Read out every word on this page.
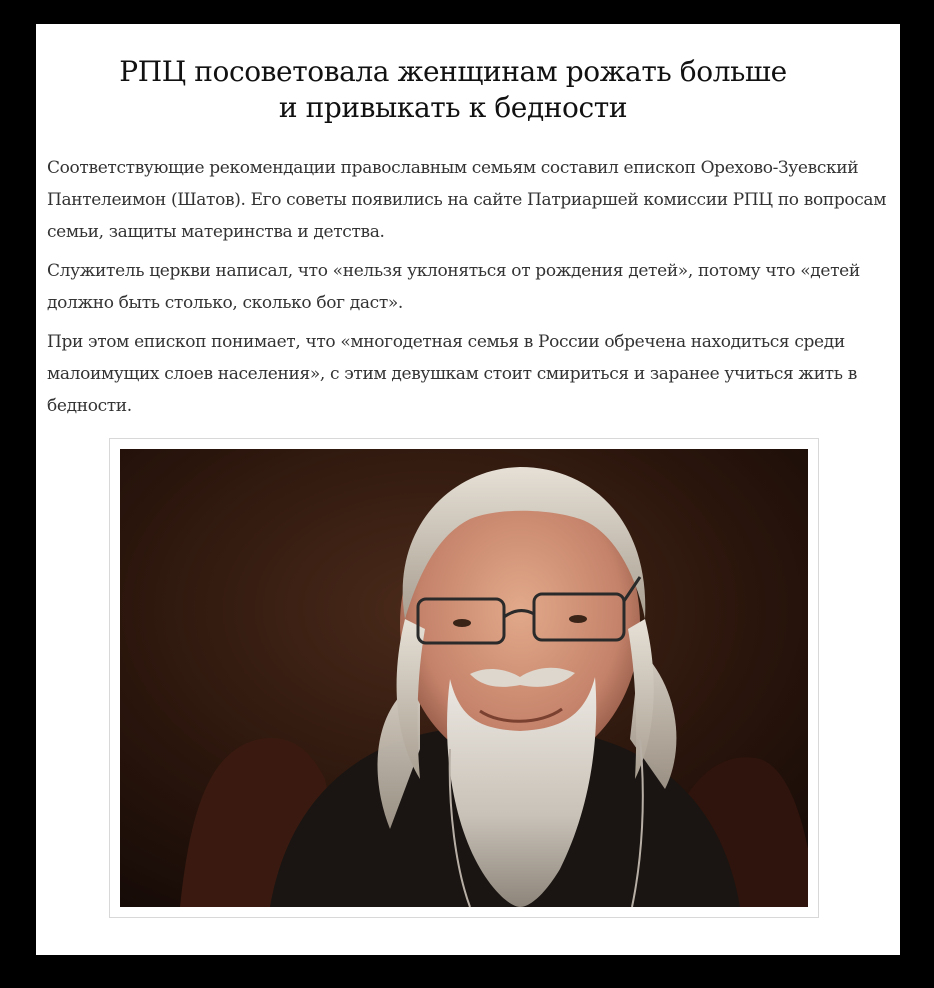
РПЦ посоветовала женщинам рожать больше
и привыкать к бедности

Соответствующие рекомендации православным семьям составил епископ Орехово-Зуевский Пантелеимон (Шатов). Его советы появились на сайте Патриаршей комиссии РПЦ по вопросам семьи, защиты материнства и детства.

Служитель церкви написал, что «нельзя уклоняться от рождения детей», потому что «детей должно быть столько, сколько бог даст».

При этом епископ понимает, что «многодетная семья в России обречена находиться среди малоимущих слоев населения», с этим девушкам стоит смириться и заранее учиться жить в бедности.
